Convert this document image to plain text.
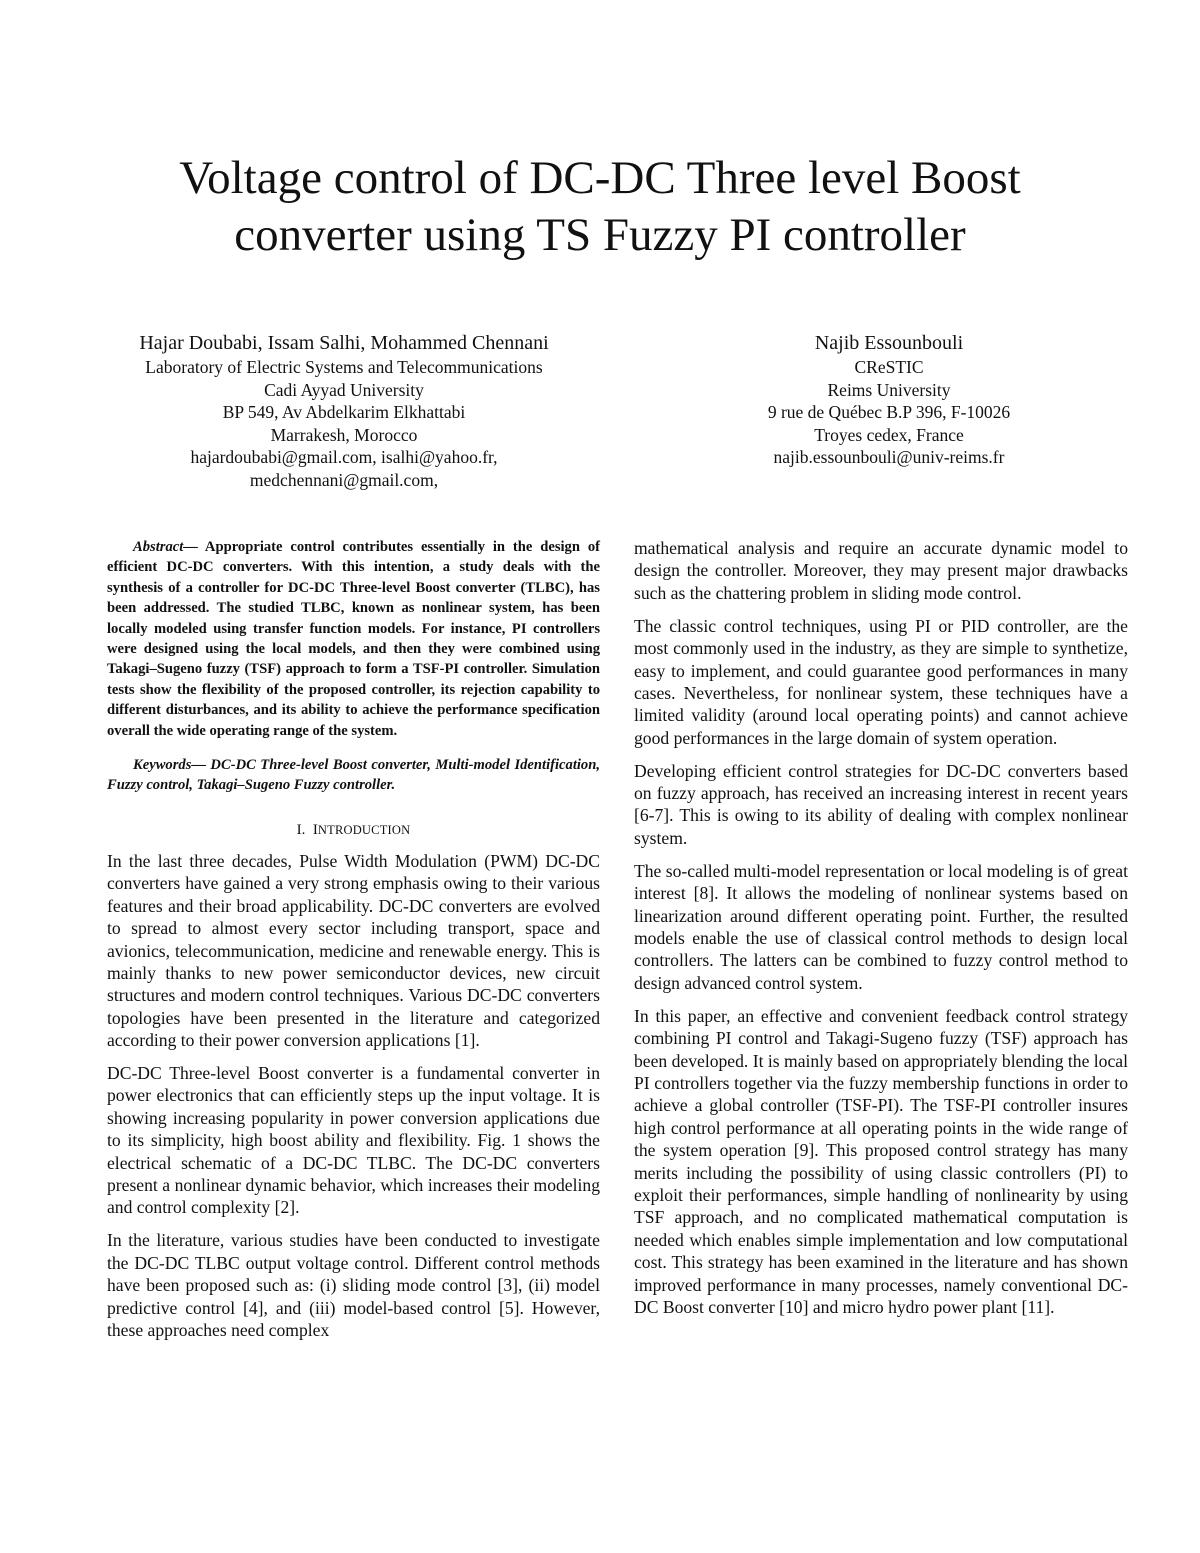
Voltage control of DC-DC Three level Boost
converter using TS Fuzzy PI controller
Hajar Doubabi, Issam Salhi, Mohammed Chennani
Laboratory of Electric Systems and Telecommunications
Cadi Ayyad University
BP 549, Av Abdelkarim Elkhattabi
Marrakesh, Morocco
hajardoubabi@gmail.com, isalhi@yahoo.fr,
medchennani@gmail.com,
Najib Essounbouli
CReSTIC
Reims University
9 rue de Québec B.P 396, F-10026
Troyes cedex, France
najib.essounbouli@univ-reims.fr

Abstract— Appropriate control contributes essentially in the design of efficient DC-DC converters. With this intention, a study deals with the synthesis of a controller for DC-DC Three-level Boost converter (TLBC), has been addressed. The studied TLBC, known as nonlinear system, has been locally modeled using transfer function models. For instance, PI controllers were designed using the local models, and then they were combined using Takagi–Sugeno fuzzy (TSF) approach to form a TSF-PI controller. Simulation tests show the flexibility of the proposed controller, its rejection capability to different disturbances, and its ability to achieve the performance specification overall the wide operating range of the system.

Keywords— DC-DC Three-level Boost converter, Multi-model Identification, Fuzzy control, Takagi–Sugeno Fuzzy controller.

I. INTRODUCTION

In the last three decades, Pulse Width Modulation (PWM) DC-DC converters have gained a very strong emphasis owing to their various features and their broad applicability. DC-DC converters are evolved to spread to almost every sector including transport, space and avionics, telecommunication, medicine and renewable energy. This is mainly thanks to new power semiconductor devices, new circuit structures and modern control techniques. Various DC-DC converters topologies have been presented in the literature and categorized according to their power conversion applications [1].

DC-DC Three-level Boost converter is a fundamental converter in power electronics that can efficiently steps up the input voltage. It is showing increasing popularity in power conversion applications due to its simplicity, high boost ability and flexibility. Fig. 1 shows the electrical schematic of a DC-DC TLBC. The DC-DC converters present a nonlinear dynamic behavior, which increases their modeling and control complexity [2].

In the literature, various studies have been conducted to investigate the DC-DC TLBC output voltage control. Different control methods have been proposed such as: (i) sliding mode control [3], (ii) model predictive control [4], and (iii) model-based control [5]. However, these approaches need complex

mathematical analysis and require an accurate dynamic model to design the controller. Moreover, they may present major drawbacks such as the chattering problem in sliding mode control.

The classic control techniques, using PI or PID controller, are the most commonly used in the industry, as they are simple to synthetize, easy to implement, and could guarantee good performances in many cases. Nevertheless, for nonlinear system, these techniques have a limited validity (around local operating points) and cannot achieve good performances in the large domain of system operation.

Developing efficient control strategies for DC-DC converters based on fuzzy approach, has received an increasing interest in recent years [6-7]. This is owing to its ability of dealing with complex nonlinear system.

The so-called multi-model representation or local modeling is of great interest [8]. It allows the modeling of nonlinear systems based on linearization around different operating point. Further, the resulted models enable the use of classical control methods to design local controllers. The latters can be combined to fuzzy control method to design advanced control system.

In this paper, an effective and convenient feedback control strategy combining PI control and Takagi-Sugeno fuzzy (TSF) approach has been developed. It is mainly based on appropriately blending the local PI controllers together via the fuzzy membership functions in order to achieve a global controller (TSF-PI). The TSF-PI controller insures high control performance at all operating points in the wide range of the system operation [9]. This proposed control strategy has many merits including the possibility of using classic controllers (PI) to exploit their performances, simple handling of nonlinearity by using TSF approach, and no complicated mathematical computation is needed which enables simple implementation and low computational cost. This strategy has been examined in the literature and has shown improved performance in many processes, namely conventional DC-DC Boost converter [10] and micro hydro power plant [11].
